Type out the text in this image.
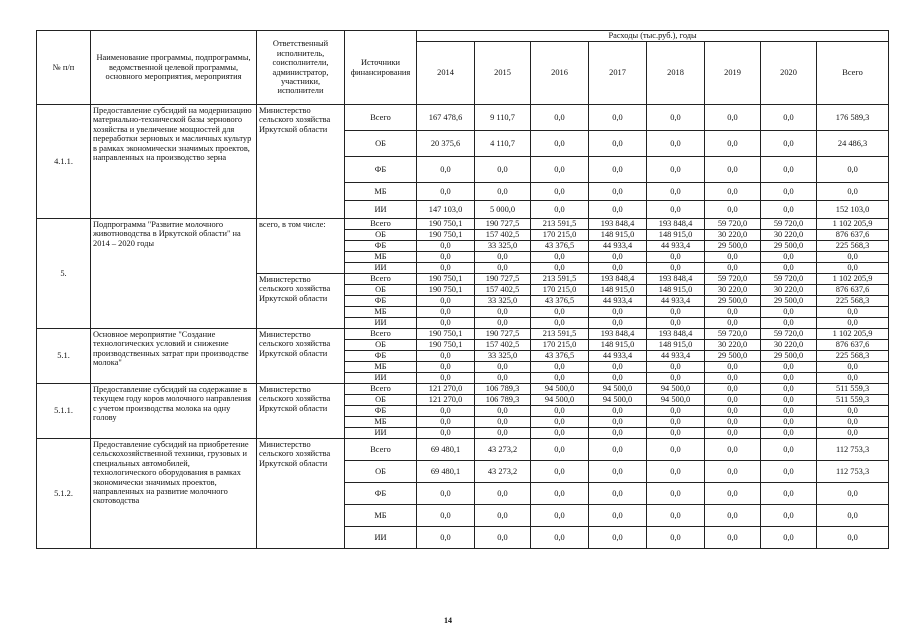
№ п/п	Наименование программы, подпрограммы, ведомственной целевой программы, основного мероприятия, мероприятия	Ответственный исполнитель, соисполнители, администратор, участники, исполнители	Источники финансирования	Расходы (тыс.руб.), годы							
				2014	2015	2016	2017	2018	2019	2020	Всего
4.1.1.	Предоставление субсидий на модернизацию материально-технической базы зернового хозяйства и увеличение мощностей для переработки зерновых и масличных культур в рамках экономически значимых проектов, направленных на производство зерна	Министерство сельского хозяйства Иркутской области	Всего	167 478,6	9 110,7	0,0	0,0	0,0	0,0	0,0	176 589,3
			ОБ	20 375,6	4 110,7	0,0	0,0	0,0	0,0	0,0	24 486,3
			ФБ	0,0	0,0	0,0	0,0	0,0	0,0	0,0	0,0
			МБ	0,0	0,0	0,0	0,0	0,0	0,0	0,0	0,0
			ИИ	147 103,0	5 000,0	0,0	0,0	0,0	0,0	0,0	152 103,0
5.	Подпрограмма "Развитие молочного животноводства в Иркутской области" на 2014 – 2020 годы	всего, в том числе:	Всего	190 750,1	190 727,5	213 591,5	193 848,4	193 848,4	59 720,0	59 720,0	1 102 205,9
			ОБ	190 750,1	157 402,5	170 215,0	148 915,0	148 915,0	30 220,0	30 220,0	876 637,6
			ФБ	0,0	33 325,0	43 376,5	44 933,4	44 933,4	29 500,0	29 500,0	225 568,3
			МБ	0,0	0,0	0,0	0,0	0,0	0,0	0,0	0,0
			ИИ	0,0	0,0	0,0	0,0	0,0	0,0	0,0	0,0
		Министерство сельского хозяйства Иркутской области	Всего	190 750,1	190 727,5	213 591,5	193 848,4	193 848,4	59 720,0	59 720,0	1 102 205,9
			ОБ	190 750,1	157 402,5	170 215,0	148 915,0	148 915,0	30 220,0	30 220,0	876 637,6
			ФБ	0,0	33 325,0	43 376,5	44 933,4	44 933,4	29 500,0	29 500,0	225 568,3
			МБ	0,0	0,0	0,0	0,0	0,0	0,0	0,0	0,0
			ИИ	0,0	0,0	0,0	0,0	0,0	0,0	0,0	0,0
5.1.	Основное мероприятие "Создание технологических условий и снижение производственных затрат при производстве молока"	Министерство сельского хозяйства Иркутской области	Всего	190 750,1	190 727,5	213 591,5	193 848,4	193 848,4	59 720,0	59 720,0	1 102 205,9
			ОБ	190 750,1	157 402,5	170 215,0	148 915,0	148 915,0	30 220,0	30 220,0	876 637,6
			ФБ	0,0	33 325,0	43 376,5	44 933,4	44 933,4	29 500,0	29 500,0	225 568,3
			МБ	0,0	0,0	0,0	0,0	0,0	0,0	0,0	0,0
			ИИ	0,0	0,0	0,0	0,0	0,0	0,0	0,0	0,0
5.1.1.	Предоставление субсидий на содержание в текущем году коров молочного направления с учетом производства молока на одну голову	Министерство сельского хозяйства Иркутской области	Всего	121 270,0	106 789,3	94 500,0	94 500,0	94 500,0	0,0	0,0	511 559,3
			ОБ	121 270,0	106 789,3	94 500,0	94 500,0	94 500,0	0,0	0,0	511 559,3
			ФБ	0,0	0,0	0,0	0,0	0,0	0,0	0,0	0,0
			МБ	0,0	0,0	0,0	0,0	0,0	0,0	0,0	0,0
			ИИ	0,0	0,0	0,0	0,0	0,0	0,0	0,0	0,0
5.1.2.	Предоставление субсидий на приобретение сельскохозяйственной техники, грузовых и специальных автомобилей, технологического оборудования в рамках экономически значимых проектов, направленных на развитие молочного скотоводства	Министерство сельского хозяйства Иркутской области	Всего	69 480,1	43 273,2	0,0	0,0	0,0	0,0	0,0	112 753,3
			ОБ	69 480,1	43 273,2	0,0	0,0	0,0	0,0	0,0	112 753,3
			ФБ	0,0	0,0	0,0	0,0	0,0	0,0	0,0	0,0
			МБ	0,0	0,0	0,0	0,0	0,0	0,0	0,0	0,0
			ИИ	0,0	0,0	0,0	0,0	0,0	0,0	0,0	0,0
14
